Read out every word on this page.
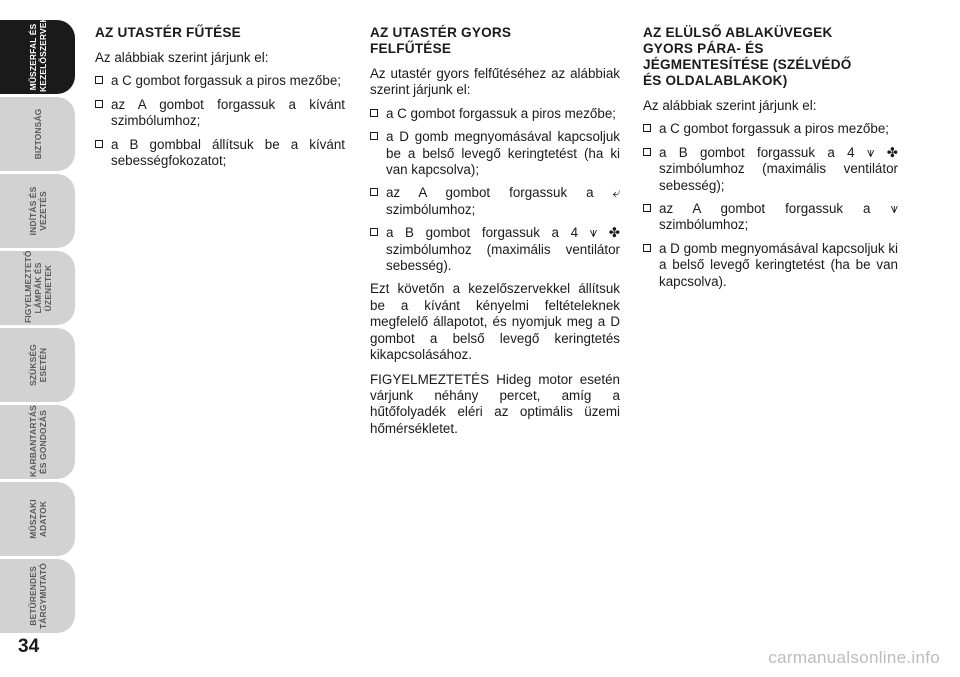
MŰSZERFAL ÉS
KEZELŐSZERVEK
BIZTONSÁG
INDÍTÁS ÉS
VEZETÉS
FIGYELMEZTETŐ
LÁMPÁK ÉS
ÜZENETEK
SZÜKSÉG
ESETÉN
KARBANTARTÁS
ÉS GONDOZÁS
MŰSZAKI
ADATOK
BETŰRENDES
TÁRGYMUTATÓ
34
AZ UTASTÉR FŰTÉSE

Az alábbiak szerint járjunk el:

a C gombot forgassuk a piros mezőbe;
az A gombot forgassuk a kívánt szimbólumhoz;
a B gombbal állítsuk be a kívánt sebességfokozatot;
AZ UTASTÉR GYORS
FELFŰTÉSE

Az utastér gyors felfűtéséhez az alábbiak szerint járjunk el:

a C gombot forgassuk a piros mezőbe;
a D gomb megnyomásával kapcsoljuk be a belső levegő keringtetést (ha ki van kapcsolva);
az A gombot forgassuk a ⤶ szimbólumhoz;
a B gombot forgassuk a 4 ⩛ ✤ szimbólumhoz (maximális ventilátor sebesség).

Ezt követőn a kezelőszervekkel állítsuk be a kívánt kényelmi feltételeknek megfelelő állapotot, és nyomjuk meg a D gombot a belső levegő keringtetés kikapcsolásához.

FIGYELMEZTETÉS Hideg motor esetén várjunk néhány percet, amíg a hűtőfolyadék eléri az optimális üzemi hőmérsékletet.

AZ ELÜLSŐ ABLAKÜVEGEK
GYORS PÁRA- ÉS
JÉGMENTESÍTÉSE (SZÉLVÉDŐ
ÉS OLDALABLAKOK)

Az alábbiak szerint járjunk el:

a C gombot forgassuk a piros mezőbe;
a B gombot forgassuk a 4 ⩛ ✤ szimbólumhoz (maximális ventilátor sebesség);
az A gombot forgassuk a ⩛ szimbólumhoz;
a D gomb megnyomásával kapcsoljuk ki a belső levegő keringtetést (ha be van kapcsolva).
carmanualsonline.info
